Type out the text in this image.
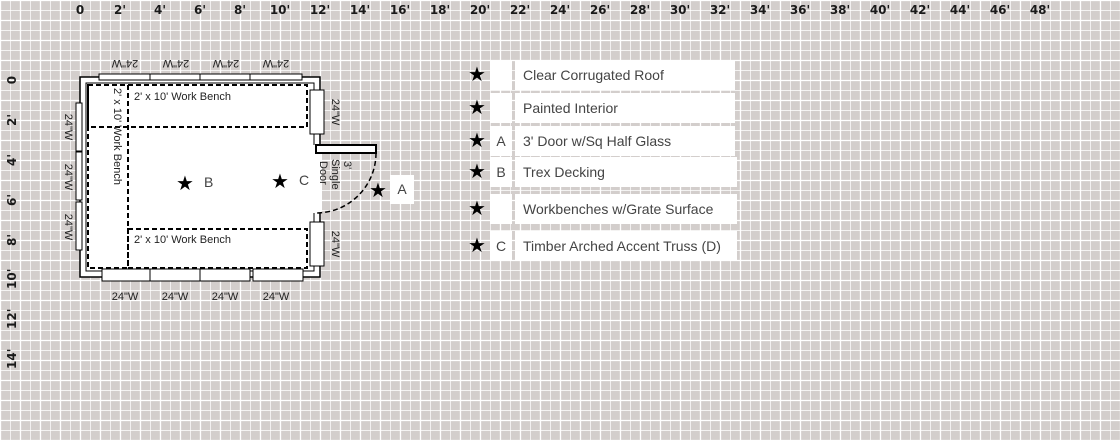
0	2'	4'	6'	8'	10'	12'	14'	16'	18'	20'	22'	24'	26'	28'	30'	32'	34'	36'	38'	40'	42'	44'	46'	48'
0
2'
4'
6'
8'
10'
12'
14'
24"W 24"W 24"W 24"W
24"W 24"W 24"W 24"W
24"W
24"W
24"W
24"W
24"W
2' x 10' Work Bench
2' x 10' Work Bench
2' x 10' Work Bench
3'
Single
Door
★	★	★
B	C
A
★	Clear Corrugated Roof
★	Painted Interior
★ A	3' Door w/Sq Half Glass
★ B	Trex Decking
★	Workbenches w/Grate Surface
★ C	Timber Arched Accent Truss (D)
